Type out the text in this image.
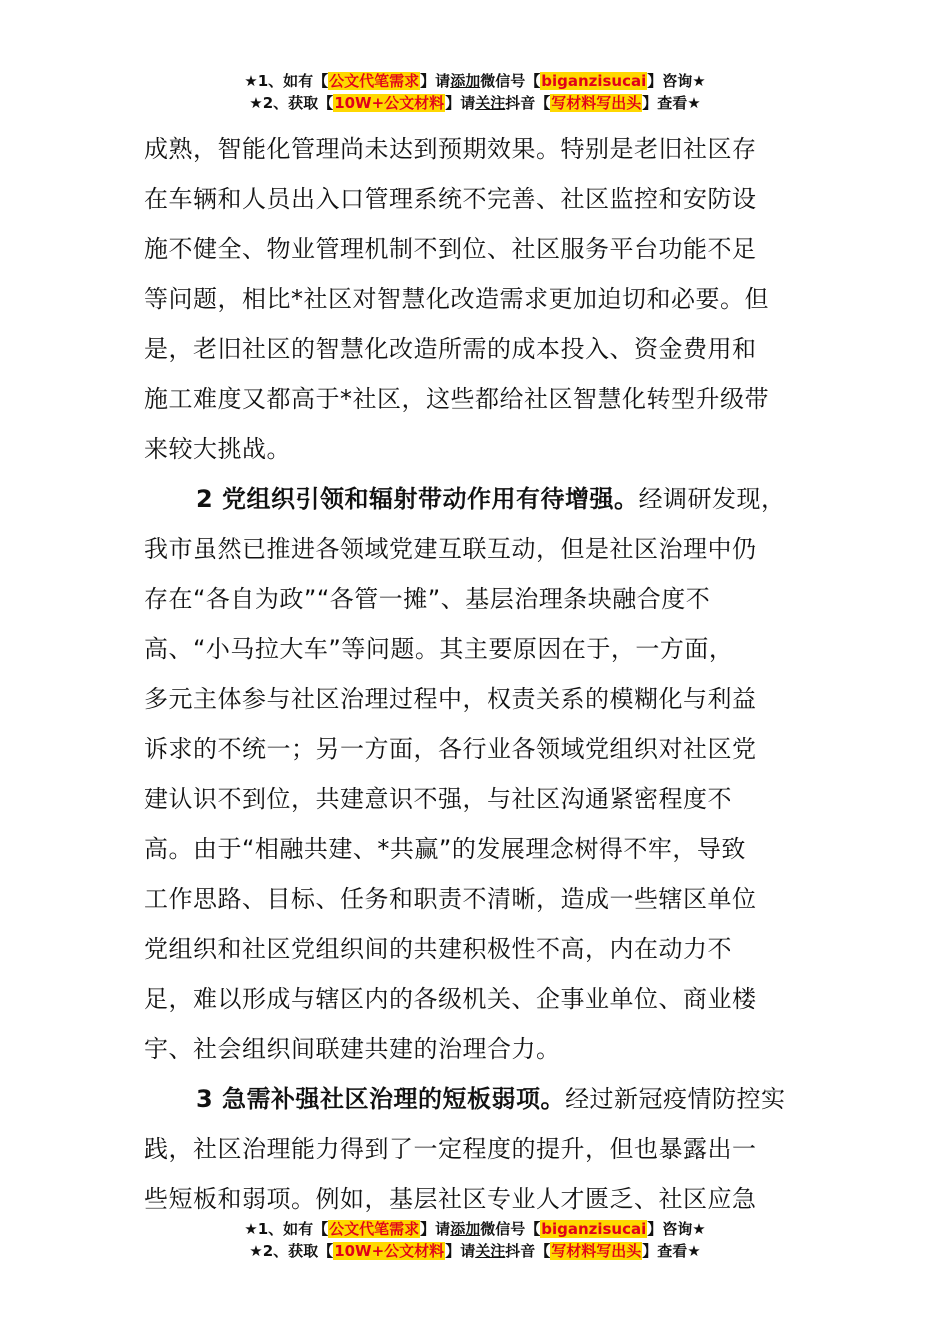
★1、如有【公文代笔需求】请添加微信号【biganzisucai】咨询★
★2、获取【10W+公文材料】请关注抖音【写材料写出头】查看★
成熟，智能化管理尚未达到预期效果。特别是老旧社区存
在车辆和人员出入口管理系统不完善、社区监控和安防设
施不健全、物业管理机制不到位、社区服务平台功能不足
等问题，相比*社区对智慧化改造需求更加迫切和必要。但
是，老旧社区的智慧化改造所需的成本投入、资金费用和
施工难度又都高于*社区，这些都给社区智慧化转型升级带
来较大挑战。
2 党组织引领和辐射带动作用有待增强。经调研发现，
我市虽然已推进各领域党建互联互动，但是社区治理中仍
存在“各自为政”“各管一摊”、基层治理条块融合度不
高、“小马拉大车”等问题。其主要原因在于，一方面，
多元主体参与社区治理过程中，权责关系的模糊化与利益
诉求的不统一；另一方面，各行业各领域党组织对社区党
建认识不到位，共建意识不强，与社区沟通紧密程度不
高。由于“相融共建、*共赢”的发展理念树得不牢，导致
工作思路、目标、任务和职责不清晰，造成一些辖区单位
党组织和社区党组织间的共建积极性不高，内在动力不
足，难以形成与辖区内的各级机关、企事业单位、商业楼
宇、社会组织间联建共建的治理合力。
3 急需补强社区治理的短板弱项。经过新冠疫情防控实
践，社区治理能力得到了一定程度的提升，但也暴露出一
些短板和弱项。例如，基层社区专业人才匮乏、社区应急
★1、如有【公文代笔需求】请添加微信号【biganzisucai】咨询★
★2、获取【10W+公文材料】请关注抖音【写材料写出头】查看★
